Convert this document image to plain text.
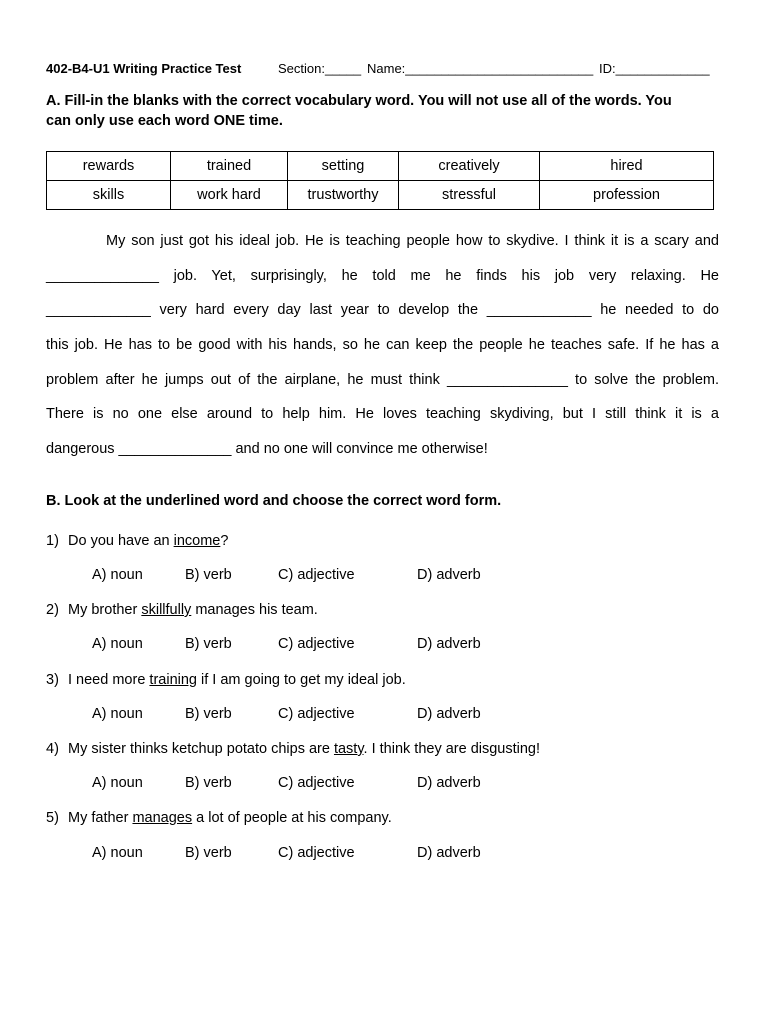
402-B4-U1 Writing Practice Test	Section:_____ Name:__________________________ ID:_____________
A. Fill-in the blanks with the correct vocabulary word. You will not use all of the words. You
can only use each word ONE time.
rewards	trained	setting	creatively	hired
skills	work hard	trustworthy	stressful	profession
My son just got his ideal job. He is teaching people how to skydive. I think it is a scary and
______________ job. Yet, surprisingly, he told me he finds his job very relaxing. He
_____________ very hard every day last year to develop the _____________ he needed to do
this job. He has to be good with his hands, so he can keep the people he teaches safe. If he has a
problem after he jumps out of the airplane, he must think _______________ to solve the problem.
There is no one else around to help him. He loves teaching skydiving, but I still think it is a
dangerous ______________ and no one will convince me otherwise!
B. Look at the underlined word and choose the correct word form.
1) Do you have an income?
A) noun	B) verb	C) adjective	D) adverb
2) My brother skillfully manages his team.
A) noun	B) verb	C) adjective	D) adverb
3) I need more training if I am going to get my ideal job.
A) noun	B) verb	C) adjective	D) adverb
4) My sister thinks ketchup potato chips are tasty. I think they are disgusting!
A) noun	B) verb	C) adjective	D) adverb
5) My father manages a lot of people at his company.
A) noun	B) verb	C) adjective	D) adverb
